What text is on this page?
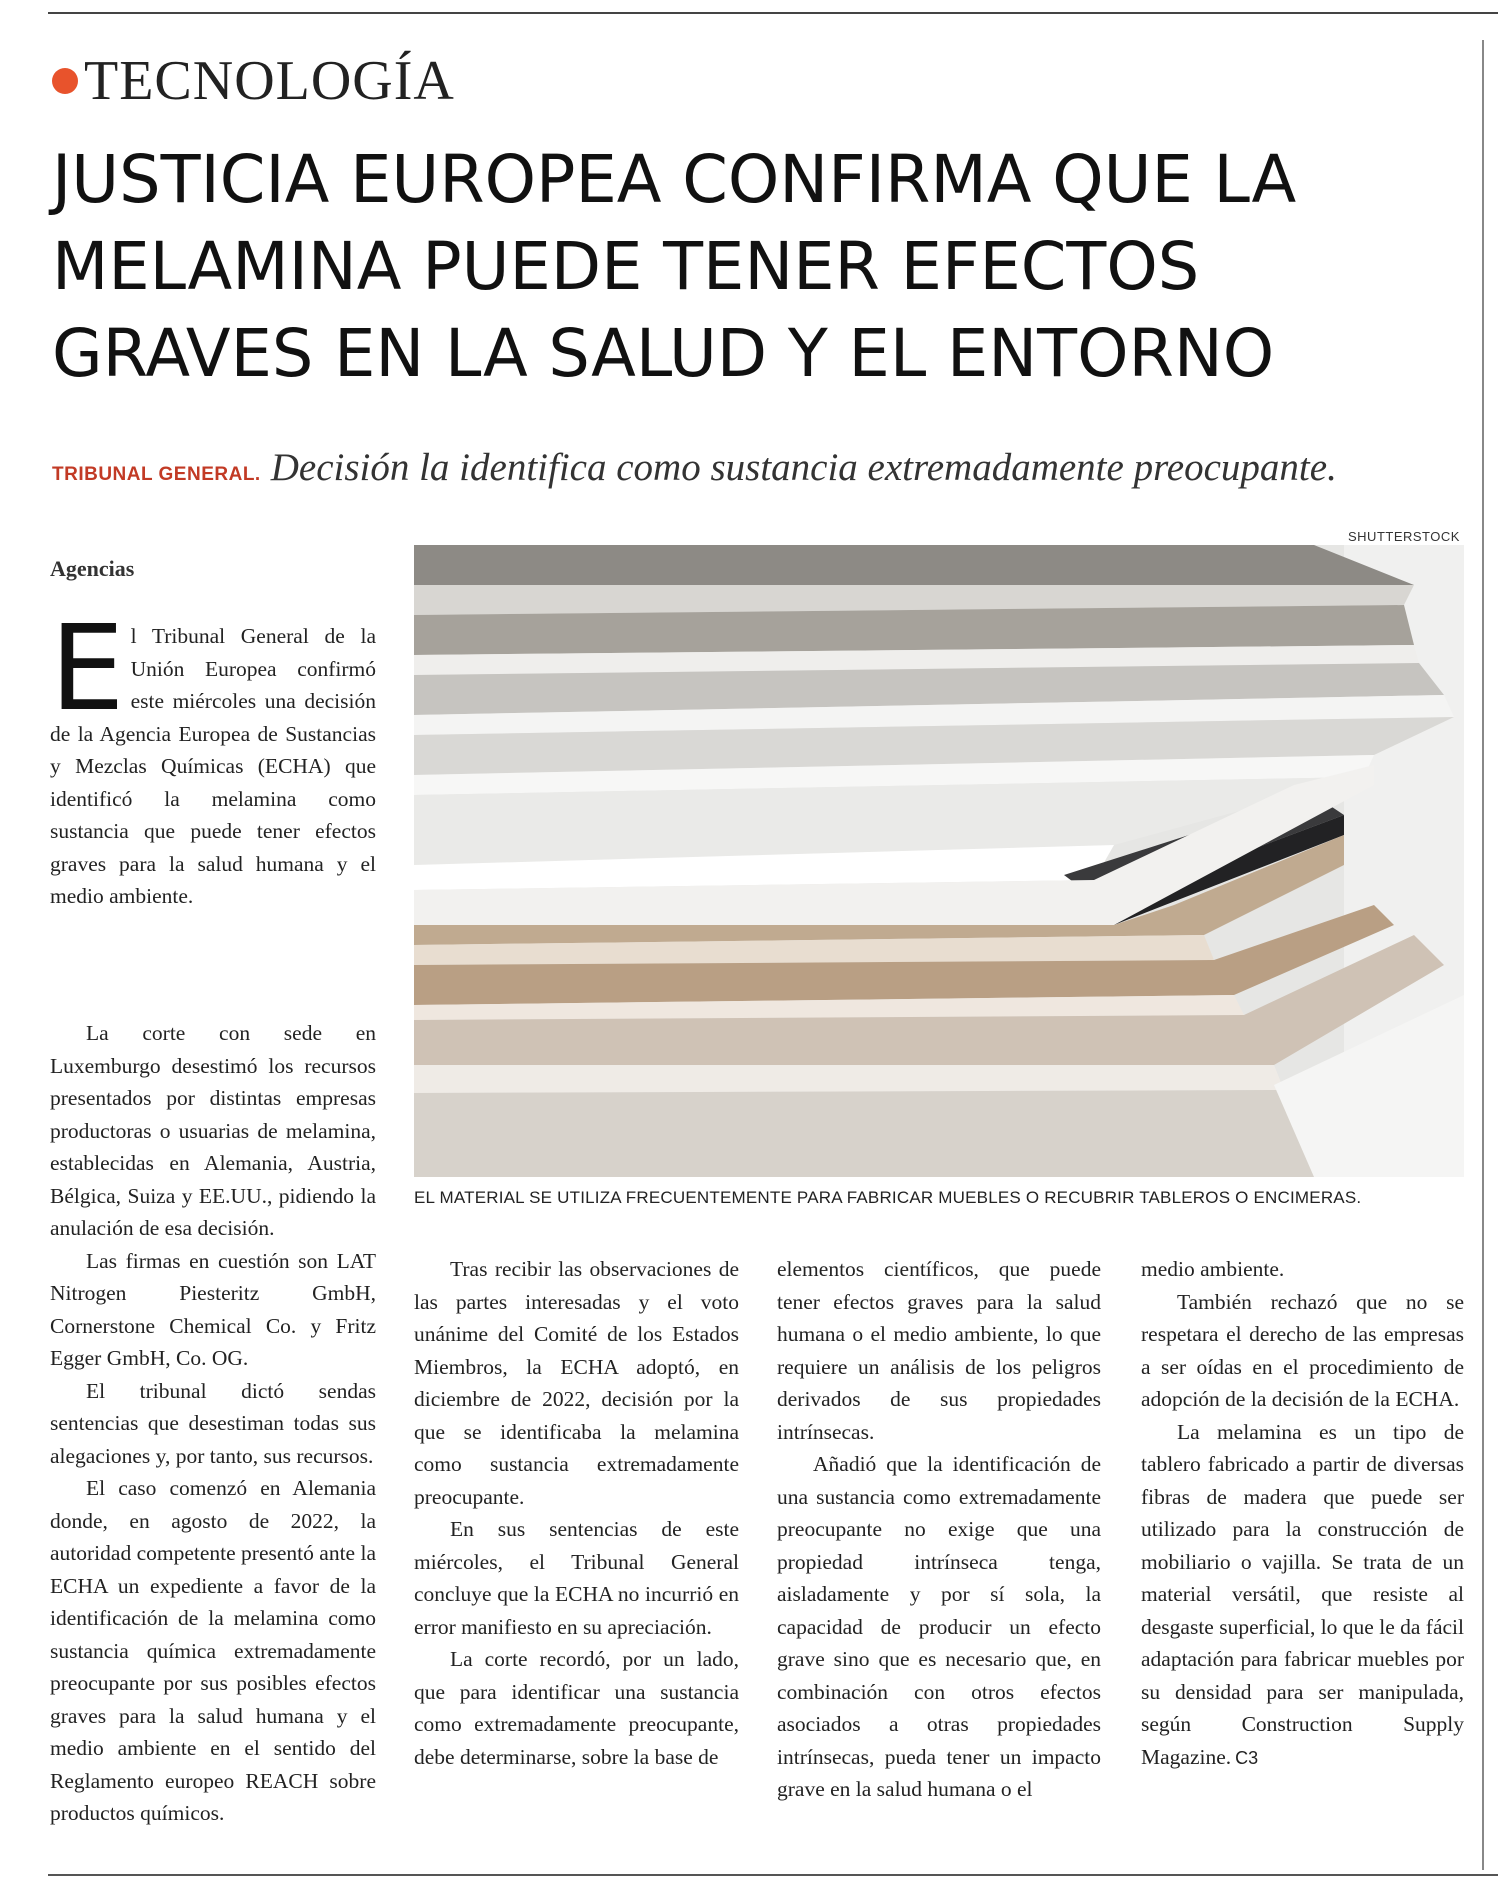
TECNOLOGÍA
JUSTICIA EUROPEA CONFIRMA QUE LA
MELAMINA PUEDE TENER EFECTOS
GRAVES EN LA SALUD Y EL ENTORNO
TRIBUNAL GENERAL. Decisión la identifica como sustancia extremadamente preocupante.
SHUTTERSTOCK
EL MATERIAL SE UTILIZA FRECUENTEMENTE PARA FABRICAR MUEBLES O RECUBRIR TABLEROS O ENCIMERAS.
Agencias
E l Tribunal General de la Unión Europea confirmó este miércoles una decisión de la Agencia Europea de Sustancias y Mezclas Químicas (ECHA) que identificó la melamina como sustancia que puede tener efectos graves para la salud humana y el medio ambiente.

La corte con sede en Luxemburgo desestimó los recursos presentados por distintas empresas productoras o usuarias de melamina, establecidas en Alemania, Austria, Bélgica, Suiza y EE.UU., pidiendo la anulación de esa decisión.

Las firmas en cuestión son LAT Nitrogen Piesteritz GmbH, Cornerstone Chemical Co. y Fritz Egger GmbH, Co. OG.

El tribunal dictó sendas sentencias que desestiman todas sus alegaciones y, por tanto, sus recursos.

El caso comenzó en Alemania donde, en agosto de 2022, la autoridad competente presentó ante la ECHA un expediente a favor de la identificación de la melamina como sustancia química extremadamente preocupante por sus posibles efectos graves para la salud humana y el medio ambiente en el sentido del Reglamento europeo REACH sobre productos químicos.

Tras recibir las observaciones de las partes interesadas y el voto unánime del Comité de los Estados Miembros, la ECHA adoptó, en diciembre de 2022, decisión por la que se identificaba la melamina como sustancia extremadamente preocupante.

En sus sentencias de este miércoles, el Tribunal General concluye que la ECHA no incurrió en error manifiesto en su apreciación.

La corte recordó, por un lado, que para identificar una sustancia como extremadamente preocupante, debe determinarse, sobre la base de

elementos científicos, que puede tener efectos graves para la salud humana o el medio ambiente, lo que requiere un análisis de los peligros derivados de sus propiedades intrínsecas.

Añadió que la identificación de una sustancia como extremadamente preocupante no exige que una propiedad intrínseca tenga, aisladamente y por sí sola, la capacidad de producir un efecto grave sino que es necesario que, en combinación con otros efectos asociados a otras propiedades intrínsecas, pueda tener un impacto grave en la salud humana o el

medio ambiente.

También rechazó que no se respetara el derecho de las empresas a ser oídas en el procedimiento de adopción de la decisión de la ECHA.

La melamina es un tipo de tablero fabricado a partir de diversas fibras de madera que puede ser utilizado para la construcción de mobiliario o vajilla. Se trata de un material versátil, que resiste al desgaste superficial, lo que le da fácil adaptación para fabricar muebles por su densidad para ser manipulada, según Construction Supply Magazine. C3
